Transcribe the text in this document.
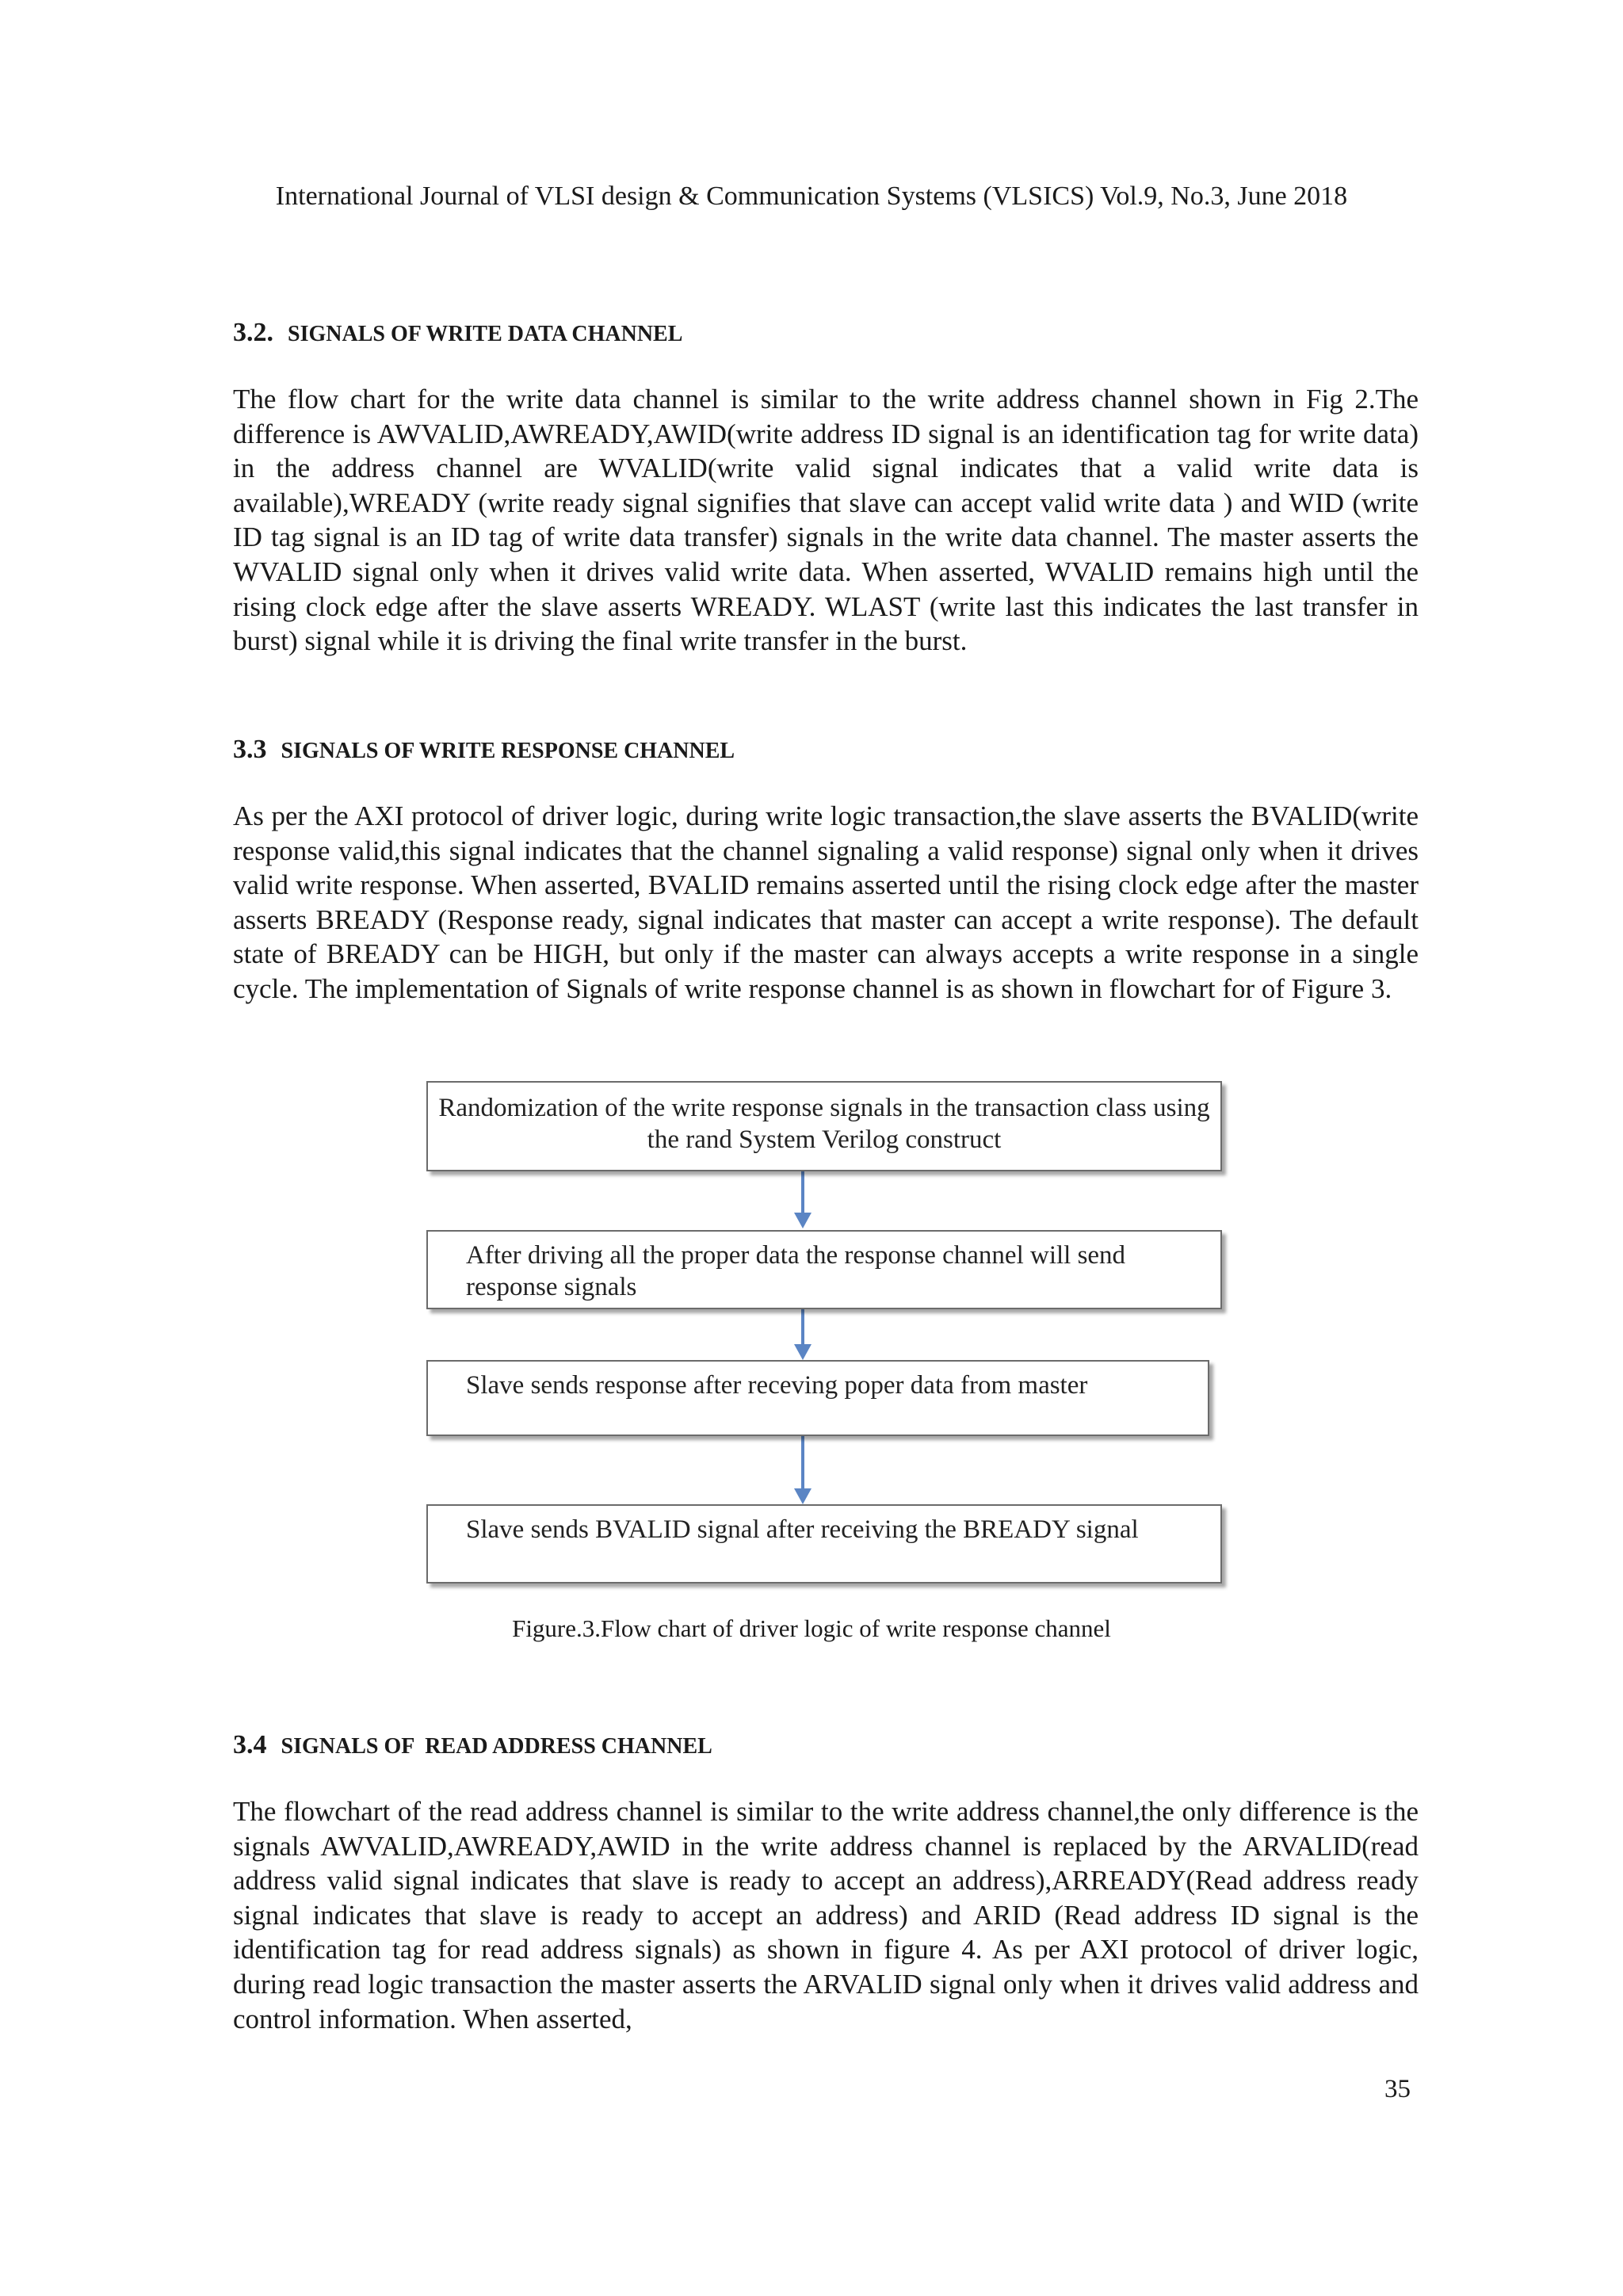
International Journal of VLSI design & Communication Systems (VLSICS) Vol.9, No.3, June 2018
3.2. SIGNALS OF WRITE DATA CHANNEL

The flow chart for the write data channel is similar to the write address channel shown in Fig 2.The difference is AWVALID,AWREADY,AWID(write address ID signal is an identification tag for write data) in the address channel are WVALID(write valid signal indicates that a valid write data is available),WREADY (write ready signal signifies that slave can accept valid write data ) and WID (write ID tag signal is an ID tag of write data transfer) signals in the write data channel. The master asserts the WVALID signal only when it drives valid write data. When asserted, WVALID remains high until the rising clock edge after the slave asserts WREADY. WLAST (write last this indicates the last transfer in burst) signal while it is driving the final write transfer in the burst.

3.3 SIGNALS OF WRITE RESPONSE CHANNEL

As per the AXI protocol of driver logic, during write logic transaction,the slave asserts the BVALID(write response valid,this signal indicates that the channel signaling a valid response) signal only when it drives valid write response. When asserted, BVALID remains asserted until the rising clock edge after the master asserts BREADY (Response ready, signal indicates that master can accept a write response). The default state of BREADY can be HIGH, but only if the master can always accepts a write response in a single cycle. The implementation of Signals of write response channel is as shown in flowchart for of Figure 3.

Randomization of the write response signals in the transaction class using the rand System Verilog construct
After driving all the proper data the response channel will send response signals
Slave sends response after receving poper data from master
Slave sends BVALID signal after receiving the BREADY signal
Figure.3.Flow chart of driver logic of write response channel
3.4 SIGNALS OF  READ ADDRESS CHANNEL

The flowchart of the read address channel is similar to the write address channel,the only difference is the signals AWVALID,AWREADY,AWID in the write address channel is replaced by the ARVALID(read address valid signal indicates that slave is ready to accept an address),ARREADY(Read address ready signal indicates that slave is ready to accept an address) and ARID (Read address ID signal is the identification tag for read address signals) as shown in figure 4. As per AXI protocol of driver logic, during read logic transaction the master asserts the ARVALID signal only when it drives valid address and control information. When asserted,

35
